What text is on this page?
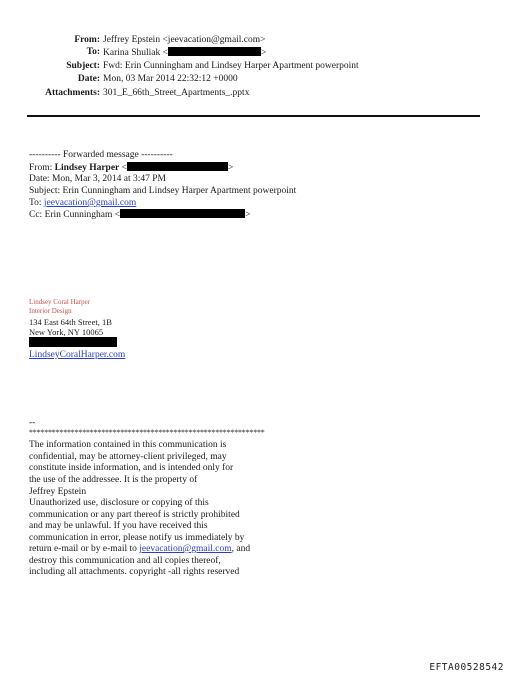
From: Jeffrey Epstein <jeevacation@gmail.com>
To: Karina Shuliak <	>
Subject: Fwd: Erin Cunningham and Lindsey Harper Apartment powerpoint
Date: Mon, 03 Mar 2014 22:32:12 +0000
Attachments: 301_E_66th_Street_Apartments_.pptx
---------- Forwarded message ----------
From: Lindsey Harper <	>
Date: Mon, Mar 3, 2014 at 3:47 PM
Subject: Erin Cunningham and Lindsey Harper Apartment powerpoint
To: jeevacation@gmail.com
Cc: Erin Cunningham <	>
Lindsey Coral Harper
Interior Design
134 East 64th Street, 1B
New York, NY 10065
LindseyCoralHarper.com
--
**************************************************************
The information contained in this communication is
confidential, may be attorney-client privileged, may
constitute inside information, and is intended only for
the use of the addressee. It is the property of
Jeffrey Epstein
Unauthorized use, disclosure or copying of this
communication or any part thereof is strictly prohibited
and may be unlawful. If you have received this
communication in error, please notify us immediately by
return e-mail or by e-mail to jeevacation@gmail.com, and
destroy this communication and all copies thereof,
including all attachments. copyright -all rights reserved
EFTA00528542
